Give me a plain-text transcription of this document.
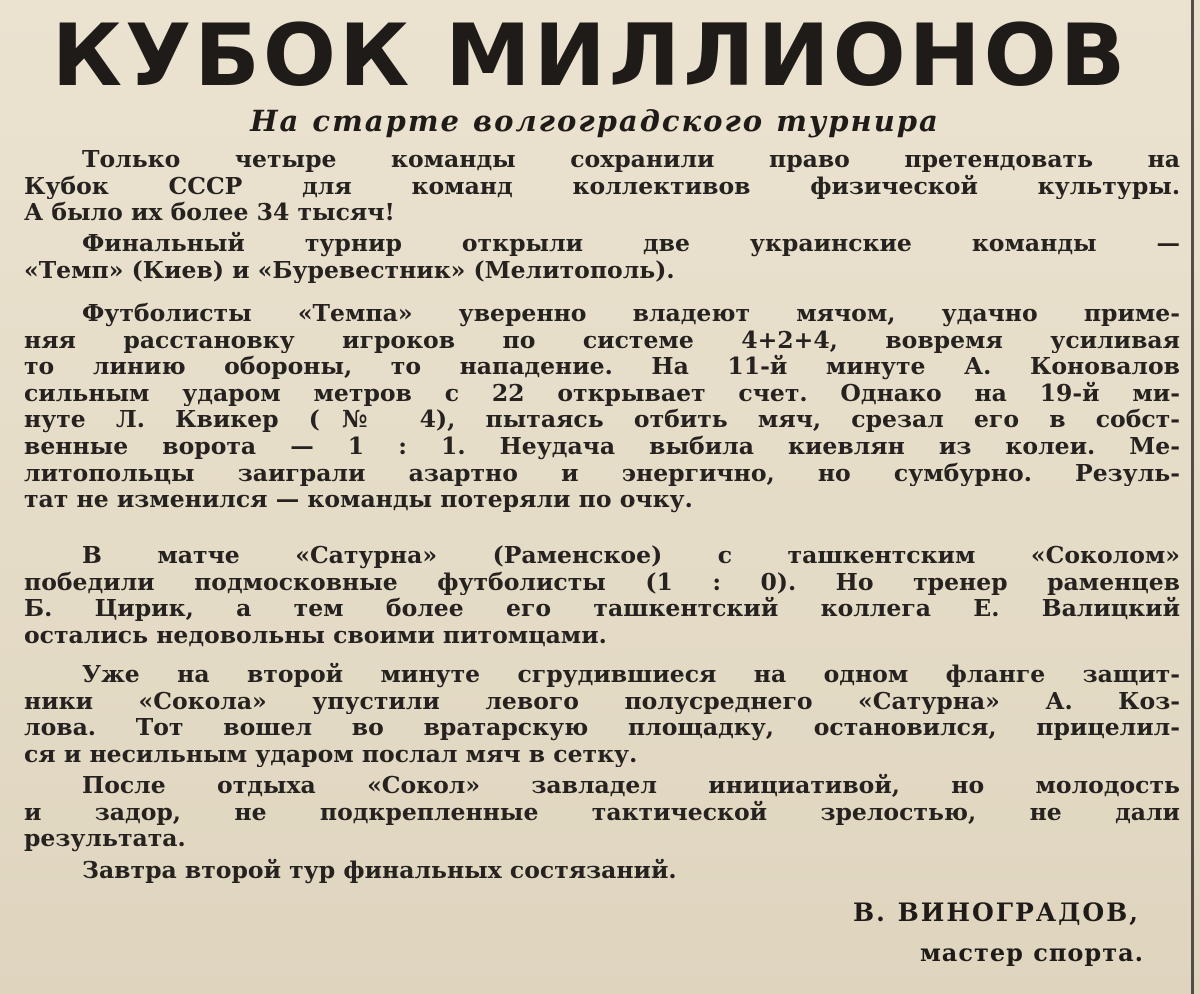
КУБОК МИЛЛИОНОВ
На старте волгоградского турнира
Только четыре команды сохранили право претендовать на
Кубок СССР для команд коллективов физической культуры.
А было их более 34 тысяч!
Финальный турнир открыли две украинские команды —
«Темп» (Киев) и «Буревестник» (Мелитополь).
Футболисты «Темпа» уверенно владеют мячом, удачно приме-
няя расстановку игроков по системе 4+2+4, вовремя усиливая
то линию обороны, то нападение. На 11-й минуте А. Коновалов
сильным ударом метров с 22 открывает счет. Однако на 19-й ми-
нуте Л. Квикер (№ 4), пытаясь отбить мяч, срезал его в собст-
венные ворота — 1 : 1. Неудача выбила киевлян из колеи. Ме-
литопольцы заиграли азартно и энергично, но сумбурно. Резуль-
тат не изменился — команды потеряли по очку.
В матче «Сатурна» (Раменское) с ташкентским «Соколом»
победили подмосковные футболисты (1 : 0). Но тренер раменцев
Б. Цирик, а тем более его ташкентский коллега Е. Валицкий
остались недовольны своими питомцами.
Уже на второй минуте сгрудившиеся на одном фланге защит-
ники «Сокола» упустили левого полусреднего «Сатурна» А. Коз-
лова. Тот вошел во вратарскую площадку, остановился, прицелил-
ся и несильным ударом послал мяч в сетку.
После отдыха «Сокол» завладел инициативой, но молодость
и задор, не подкрепленные тактической зрелостью, не дали
результата.
Завтра второй тур финальных состязаний.
В. ВИНОГРАДОВ,
мастер спорта.
